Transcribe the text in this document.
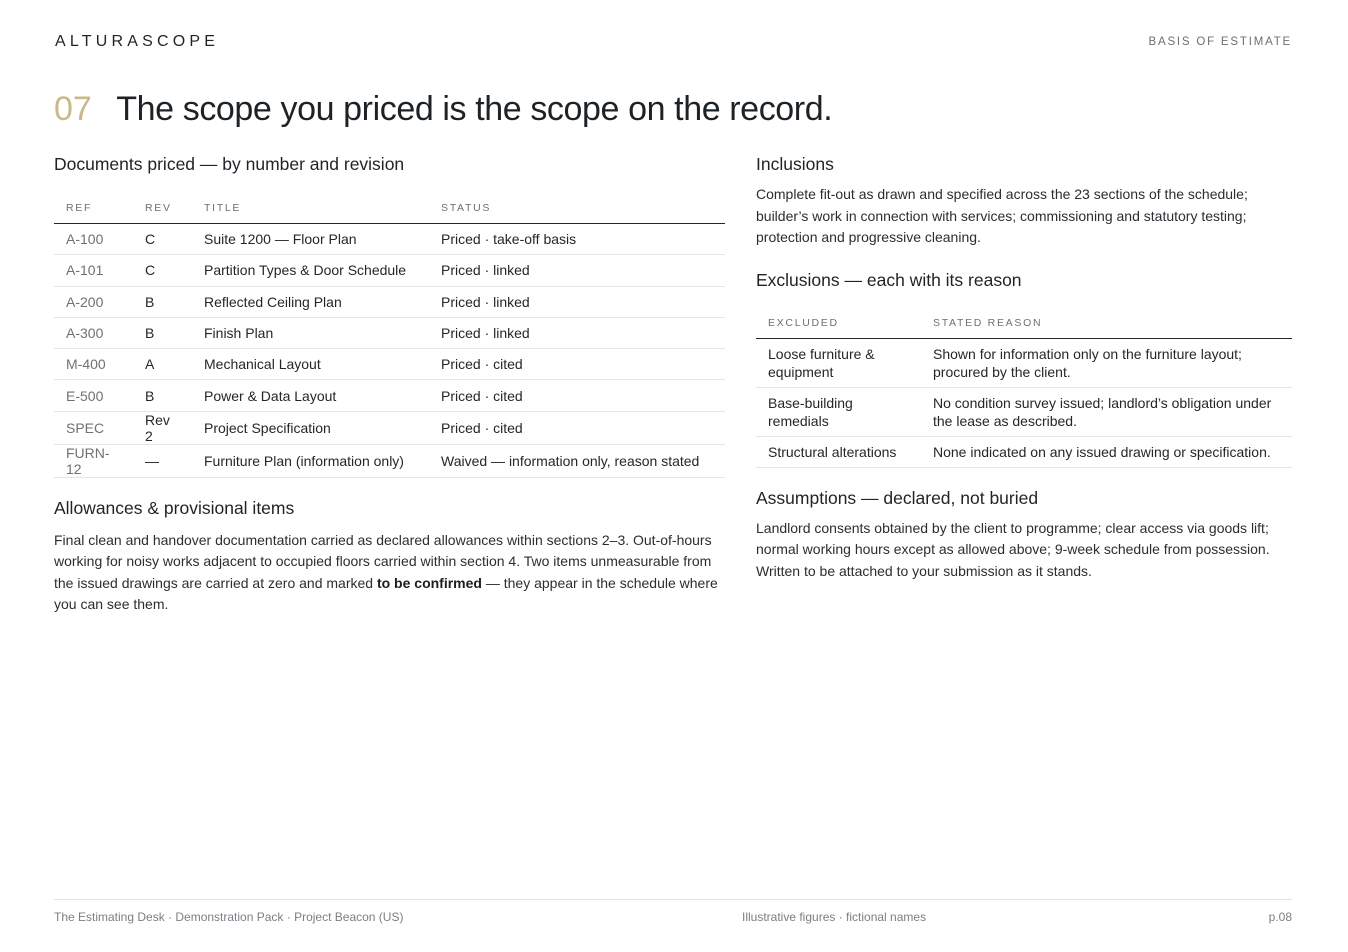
ALTURASCOPE	BASIS OF ESTIMATE
07 The scope you priced is the scope on the record.
Documents priced — by number and revision
REF	REV	TITLE	STATUS
A-100	C	Suite 1200 — Floor Plan	Priced · take-off basis
A-101	C	Partition Types & Door Schedule	Priced · linked
A-200	B	Reflected Ceiling Plan	Priced · linked
A-300	B	Finish Plan	Priced · linked
M-400	A	Mechanical Layout	Priced · cited
E-500	B	Power & Data Layout	Priced · cited
SPEC	Rev 2	Project Specification	Priced · cited
FURN-12	—	Furniture Plan (information only)	Waived — information only, reason stated
Allowances & provisional items

Final clean and handover documentation carried as declared allowances within sections 2–3. Out-of-hours working for noisy works adjacent to occupied floors carried within section 4. Two items unmeasurable from the issued drawings are carried at zero and marked to be confirmed — they appear in the schedule where you can see them.

Inclusions

Complete fit-out as drawn and specified across the 23 sections of the schedule; builder’s work in connection with services; commissioning and statutory testing; protection and progressive cleaning.

Exclusions — each with its reason
EXCLUDED	STATED REASON
Loose furniture & equipment	Shown for information only on the furniture layout; procured by the client.
Base-building remedials	No condition survey issued; landlord’s obligation under the lease as described.
Structural alterations	None indicated on any issued drawing or specification.
Assumptions — declared, not buried

Landlord consents obtained by the client to programme; clear access via goods lift; normal working hours except as allowed above; 9-week schedule from possession. Written to be attached to your submission as it stands.

The Estimating Desk · Demonstration Pack · Project Beacon (US)	Illustrative figures · fictional names	p.08
